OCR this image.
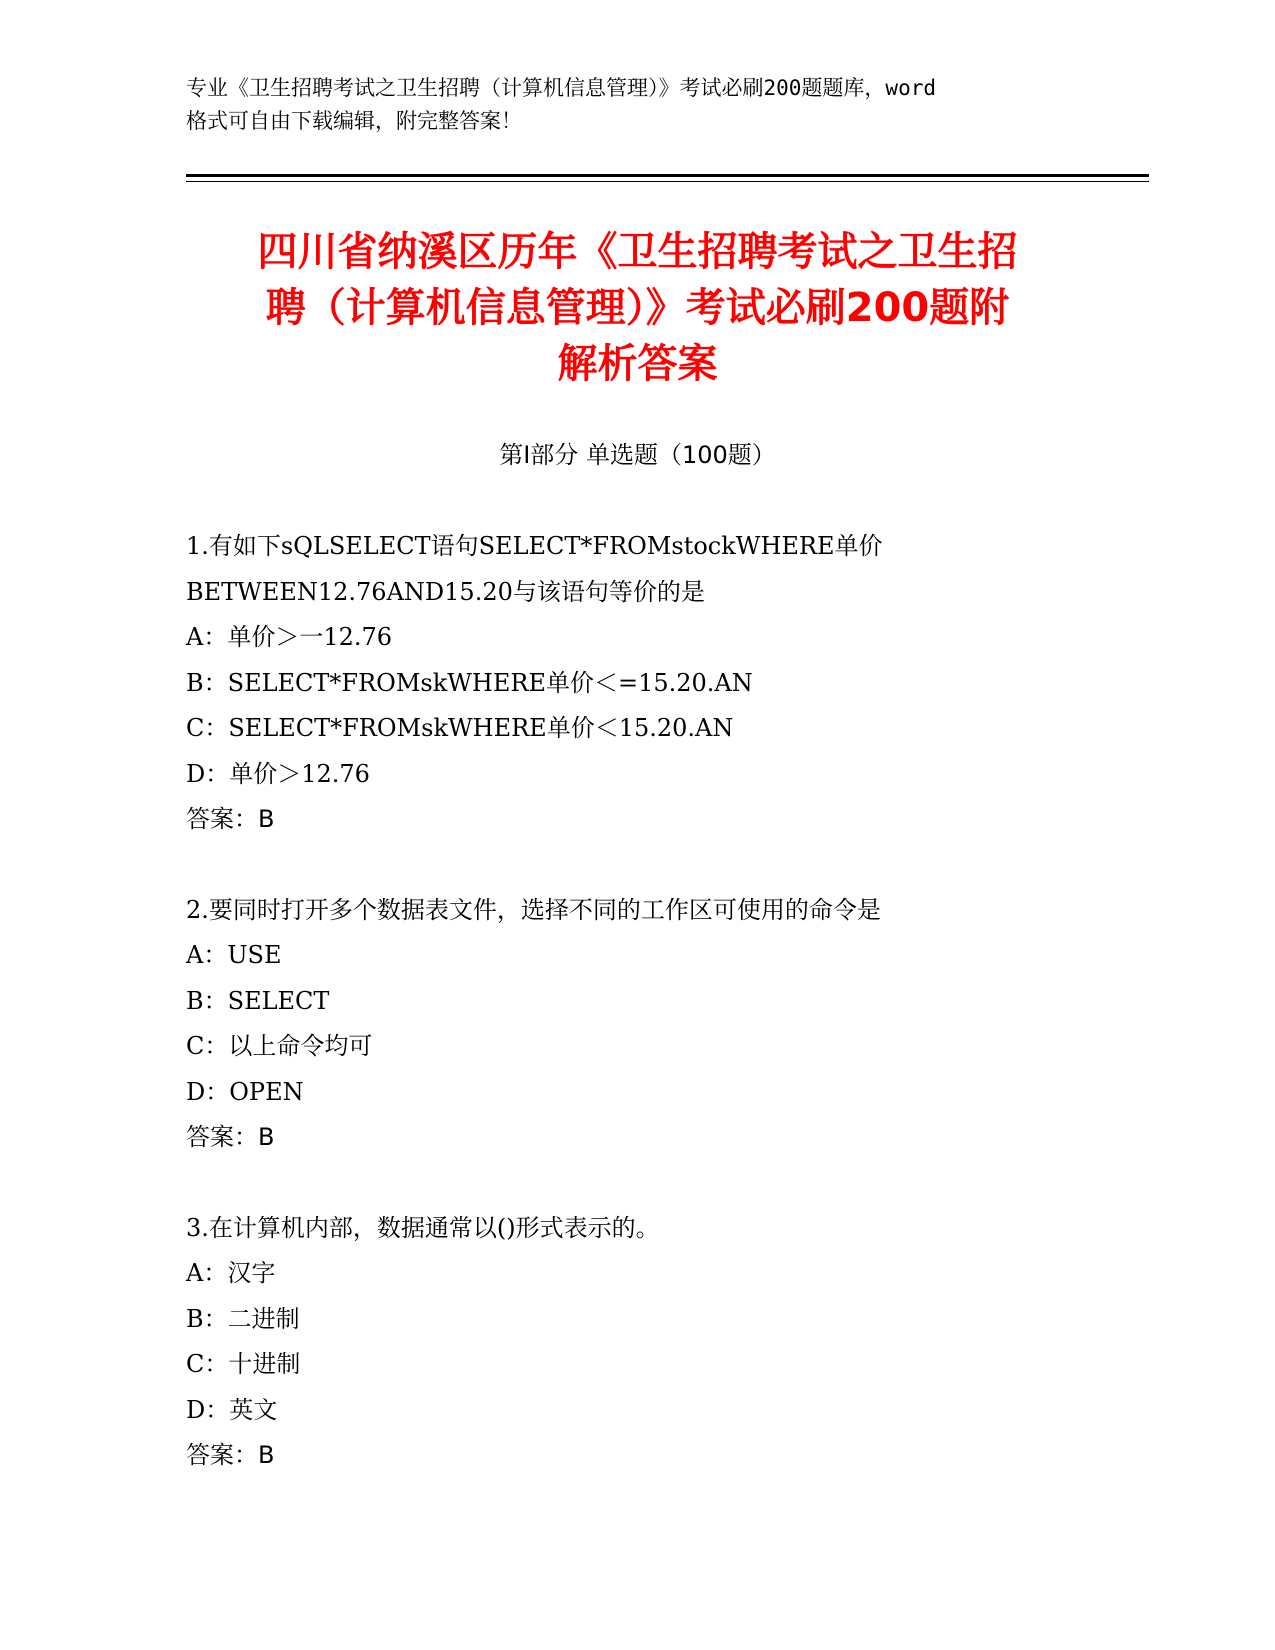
专业《卫生招聘考试之卫生招聘（计算机信息管理）》考试必刷200题题库，word
格式可自由下载编辑，附完整答案！
四川省纳溪区历年《卫生招聘考试之卫生招
聘（计算机信息管理）》考试必刷200题附
解析答案
第Ⅰ部分 单选题（100题）
1.有如下sQLSELECT语句SELECT*FROMstockWHERE单价
BETWEEN12.76AND15.20与该语句等价的是
A：单价＞一12.76
B：SELECT*FROMskWHERE单价＜=15.20.AN
C：SELECT*FROMskWHERE单价＜15.20.AN
D：单价＞12.76
答案：B
2.要同时打开多个数据表文件，选择不同的工作区可使用的命令是
A：USE
B：SELECT
C：以上命令均可
D：OPEN
答案：B
3.在计算机内部，数据通常以()形式表示的。
A：汉字
B：二进制
C：十进制
D：英文
答案：B
